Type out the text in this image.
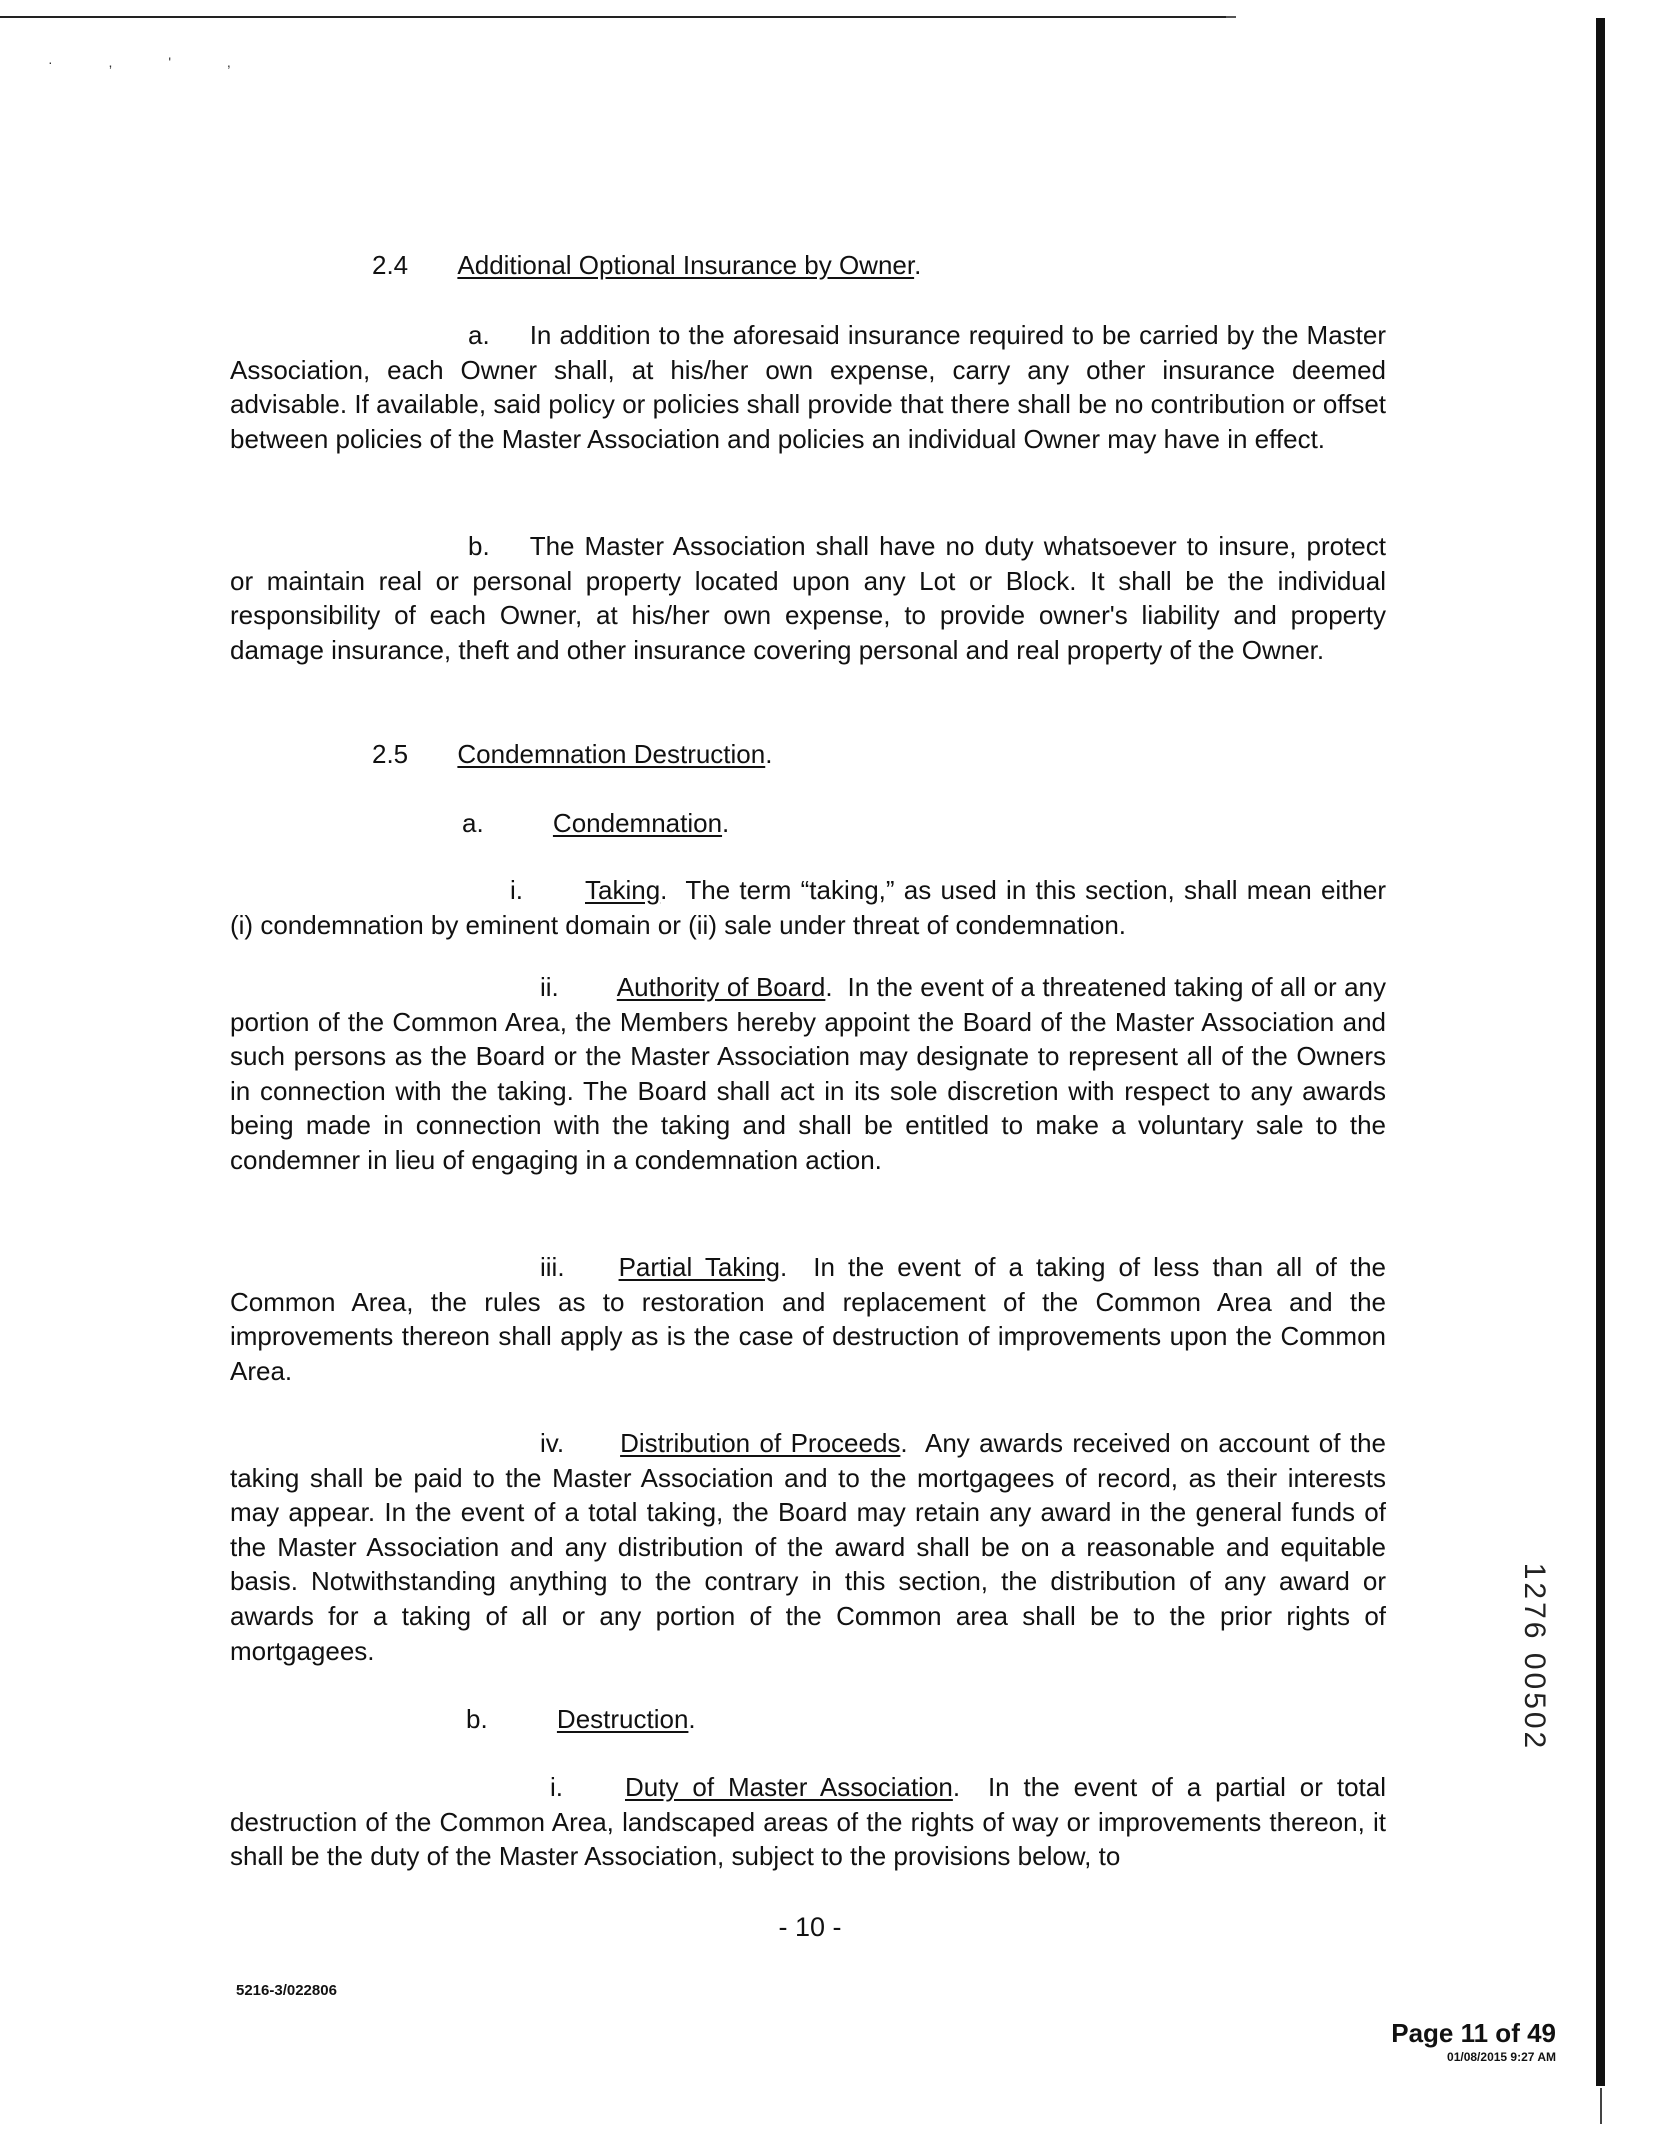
· , ' ,
2.4 Additional Optional Insurance by Owner.
a. In addition to the aforesaid insurance required to be carried by the Master Association, each Owner shall, at his/her own expense, carry any other insurance deemed advisable. If available, said policy or policies shall provide that there shall be no contribution or offset between policies of the Master Association and policies an individual Owner may have in effect.
b. The Master Association shall have no duty whatsoever to insure, protect or maintain real or personal property located upon any Lot or Block. It shall be the individual responsibility of each Owner, at his/her own expense, to provide owner's liability and property damage insurance, theft and other insurance covering personal and real property of the Owner.
2.5 Condemnation Destruction.
a.	Condemnation.
i. Taking. The term “taking,” as used in this section, shall mean either (i) condemnation by eminent domain or (ii) sale under threat of condemnation.
ii. Authority of Board. In the event of a threatened taking of all or any portion of the Common Area, the Members hereby appoint the Board of the Master Association and such persons as the Board or the Master Association may designate to represent all of the Owners in connection with the taking. The Board shall act in its sole discretion with respect to any awards being made in connection with the taking and shall be entitled to make a voluntary sale to the condemner in lieu of engaging in a condemnation action.
iii. Partial Taking. In the event of a taking of less than all of the Common Area, the rules as to restoration and replacement of the Common Area and the improvements thereon shall apply as is the case of destruction of improvements upon the Common Area.
iv. Distribution of Proceeds. Any awards received on account of the taking shall be paid to the Master Association and to the mortgagees of record, as their interests may appear. In the event of a total taking, the Board may retain any award in the general funds of the Master Association and any distribution of the award shall be on a reasonable and equitable basis. Notwithstanding anything to the contrary in this section, the distribution of any award or awards for a taking of all or any portion of the Common area shall be to the prior rights of mortgagees.
b.	Destruction.
i. Duty of Master Association. In the event of a partial or total destruction of the Common Area, landscaped areas of the rights of way or improvements thereon, it shall be the duty of the Master Association, subject to the provisions below, to
- 10 -
5216-3/022806
Page 11 of 49
01/08/2015 9:27 AM
1276 00502
